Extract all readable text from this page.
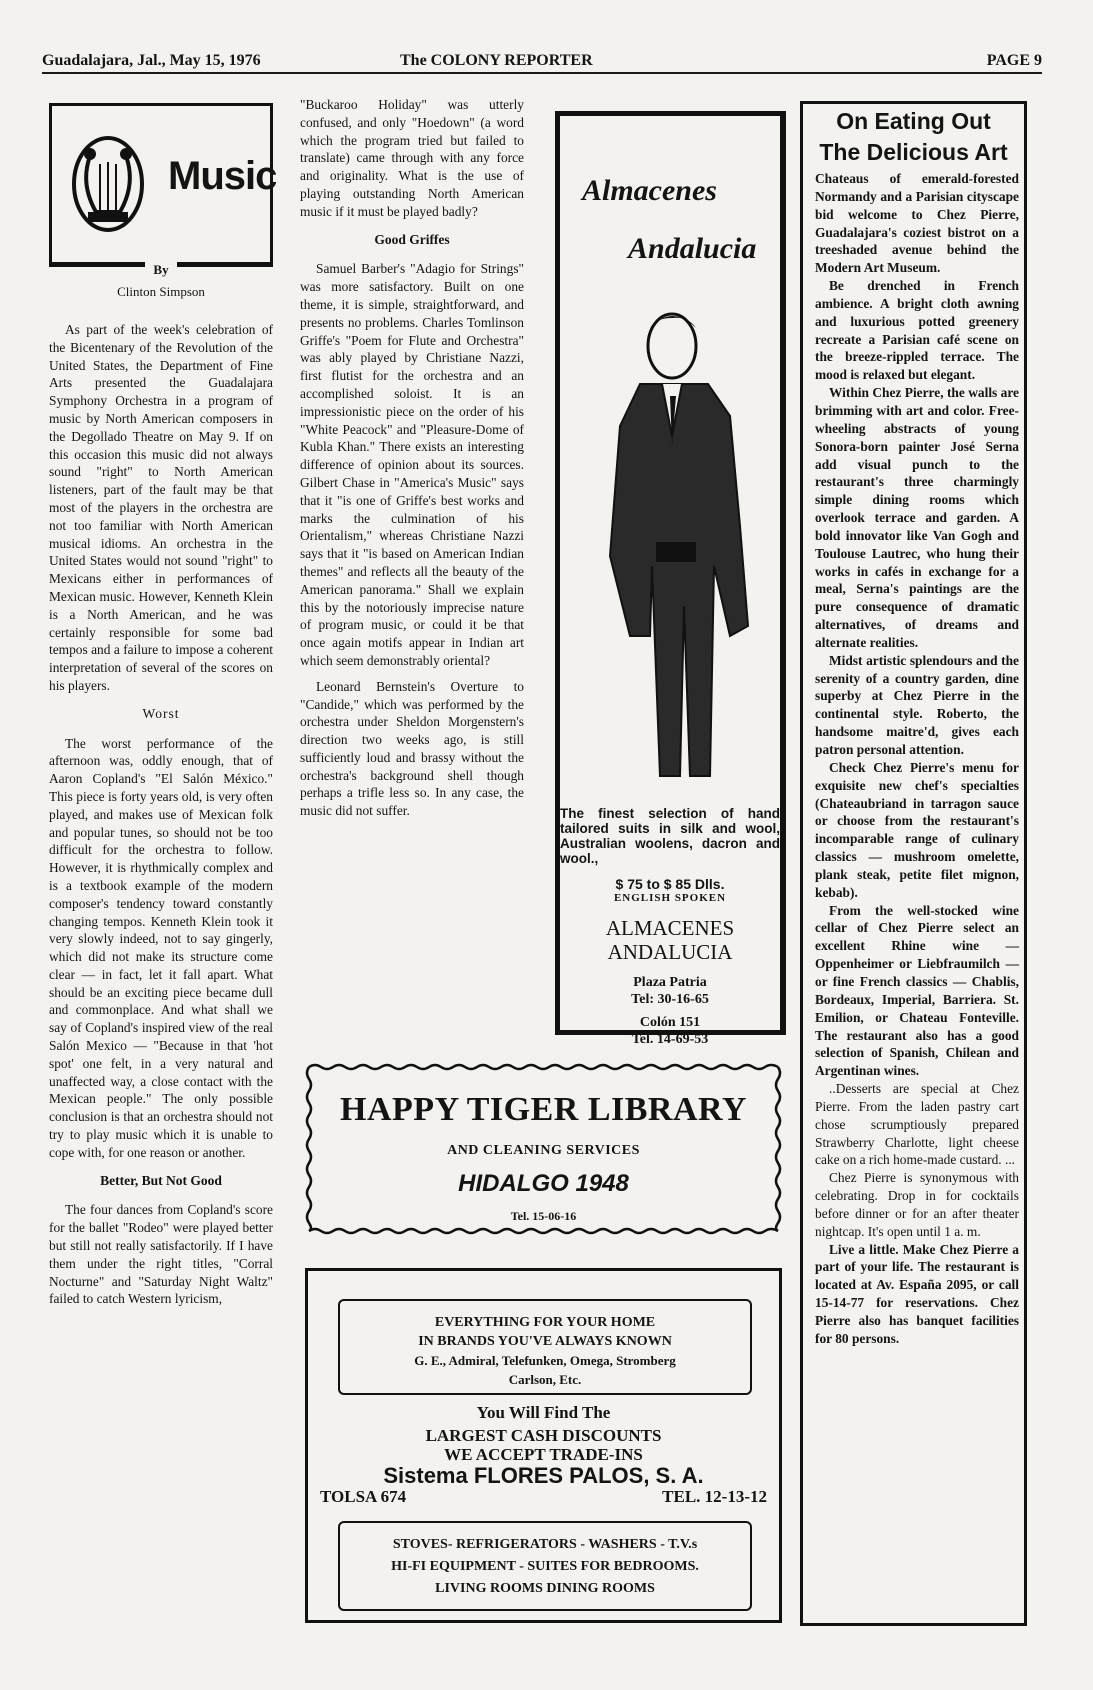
Guadalajara, Jal., May 15, 1976	The COLONY REPORTER	PAGE 9
Music
By
Clinton Simpson

As part of the week's celebration of the Bicentenary of the Revolution of the United States, the Department of Fine Arts presented the Guadalajara Symphony Orchestra in a program of music by North American composers in the Degollado Theatre on May 9. If on this occasion this music did not always sound "right" to North American listeners, part of the fault may be that most of the players in the orchestra are not too familiar with North American musical idioms. An orchestra in the United States would not sound "right" to Mexicans either in performances of Mexican music. However, Kenneth Klein is a North American, and he was certainly responsible for some bad tempos and a failure to impose a coherent interpretation of several of the scores on his players.

Worst

The worst performance of the afternoon was, oddly enough, that of Aaron Copland's "El Salón México." This piece is forty years old, is very often played, and makes use of Mexican folk and popular tunes, so should not be too difficult for the orchestra to follow. However, it is rhythmically complex and is a textbook example of the modern composer's tendency toward constantly changing tempos. Kenneth Klein took it very slowly indeed, not to say gingerly, which did not make its structure come clear — in fact, let it fall apart. What should be an exciting piece became dull and commonplace. And what shall we say of Copland's inspired view of the real Salón Mexico — "Because in that 'hot spot' one felt, in a very natural and unaffected way, a close contact with the Mexican people." The only possible conclusion is that an orchestra should not try to play music which it is unable to cope with, for one reason or another.

Better, But Not Good

The four dances from Copland's score for the ballet "Rodeo" were played better but still not really satisfactorily. If I have them under the right titles, "Corral Nocturne" and "Saturday Night Waltz" failed to catch Western lyricism,

"Buckaroo Holiday" was utterly confused, and only "Hoedown" (a word which the program tried but failed to translate) came through with any force and originality. What is the use of playing outstanding North American music if it must be played badly?

Good Griffes

Samuel Barber's "Adagio for Strings" was more satisfactory. Built on one theme, it is simple, straightforward, and presents no problems. Charles Tomlinson Griffe's "Poem for Flute and Orchestra" was ably played by Christiane Nazzi, first flutist for the orchestra and an accomplished soloist. It is an impressionistic piece on the order of his "White Peacock" and "Pleasure-Dome of Kubla Khan." There exists an interesting difference of opinion about its sources. Gilbert Chase in "America's Music" says that it "is one of Griffe's best works and marks the culmination of his Orientalism," whereas Christiane Nazzi says that it "is based on American Indian themes" and reflects all the beauty of the American panorama." Shall we explain this by the notoriously imprecise nature of program music, or could it be that once again motifs appear in Indian art which seem demonstrably oriental?

Leonard Bernstein's Overture to "Candide," which was performed by the orchestra under Sheldon Morgenstern's direction two weeks ago, is still sufficiently loud and brassy without the orchestra's background shell though perhaps a trifle less so. In any case, the music did not suffer.

Almacenes
Andalucia
The finest selection of hand tailored suits in silk and wool, Australian woolens, dacron and wool.,
$ 75 to $ 85 Dlls.
ENGLISH SPOKEN
ALMACENES
ANDALUCIA
Plaza Patria
Tel: 30-16-65
Colón 151
Tel. 14-69-53
On Eating Out
The Delicious Art

Chateaus of emerald-forested Normandy and a Parisian cityscape bid welcome to Chez Pierre, Guadalajara's coziest bistrot on a treeshaded avenue behind the Modern Art Museum.

Be drenched in French ambience. A bright cloth awning and luxurious potted greenery recreate a Parisian café scene on the breeze-rippled terrace. The mood is relaxed but elegant.

Within Chez Pierre, the walls are brimming with art and color. Free-wheeling abstracts of young Sonora-born painter José Serna add visual punch to the restaurant's three charmingly simple dining rooms which overlook terrace and garden. A bold innovator like Van Gogh and Toulouse Lautrec, who hung their works in cafés in exchange for a meal, Serna's paintings are the pure consequence of dramatic alternatives, of dreams and alternate realities.

Midst artistic splendours and the serenity of a country garden, dine superby at Chez Pierre in the continental style. Roberto, the handsome maitre'd, gives each patron personal attention.

Check Chez Pierre's menu for exquisite new chef's specialties (Chateaubriand in tarragon sauce or choose from the restaurant's incomparable range of culinary classics — mushroom omelette, plank steak, petite filet mignon, kebab).

From the well-stocked wine cellar of Chez Pierre select an excellent Rhine wine — Oppenheimer or Liebfraumilch — or fine French classics — Chablis, Bordeaux, Imperial, Barriera. St. Emilion, or Chateau Fonteville. The restaurant also has a good selection of Spanish, Chilean and Argentinan wines.

..Desserts are special at Chez Pierre. From the laden pastry cart chose scrumptiously prepared Strawberry Charlotte, light cheese cake on a rich home-made custard. ...

Chez Pierre is synonymous with celebrating. Drop in for cocktails before dinner or for an after theater nightcap. It's open until 1 a. m.

Live a little. Make Chez Pierre a part of your life. The restaurant is located at Av. España 2095, or call 15-14-77 for reservations. Chez Pierre also has banquet facilities for 80 persons.

HAPPY TIGER LIBRARY
AND CLEANING SERVICES
HIDALGO 1948
Tel. 15-06-16
EVERYTHING FOR YOUR HOME
IN BRANDS YOU'VE ALWAYS KNOWN
G. E., Admiral, Telefunken, Omega, Stromberg
Carlson, Etc.
You Will Find The
LARGEST CASH DISCOUNTS
WE ACCEPT TRADE-INS
Sistema FLORES PALOS, S. A.
TOLSA 674	TEL. 12-13-12
STOVES- REFRIGERATORS - WASHERS - T.V.s
HI-FI EQUIPMENT - SUITES FOR BEDROOMS.
LIVING ROOMS DINING ROOMS
